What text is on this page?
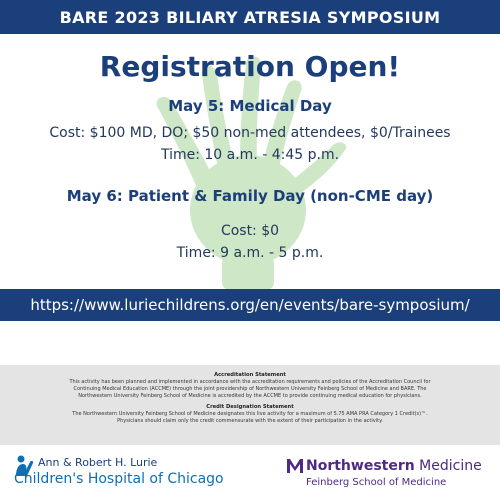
BARE 2023 BILIARY ATRESIA SYMPOSIUM
Registration Open!
May 5: Medical Day
Cost: $100 MD, DO; $50 non-med attendees, $0/Trainees
Time: 10 a.m. - 4:45 p.m.
May 6: Patient & Family Day (non-CME day)
Cost: $0
Time: 9 a.m. - 5 p.m.
https://www.luriechildrens.org/en/events/bare-symposium/
Accreditation Statement
This activity has been planned and implemented in accordance with the accreditation requirements and policies of the Accreditation Council for
Continuing Medical Education (ACCME) through the joint providership of Northwestern University Feinberg School of Medicine and BARE. The
Northwestern University Feinberg School of Medicine is accredited by the ACCME to provide continuing medical education for physicians.
Credit Designation Statement
The Northwestern University Feinberg School of Medicine designates this live activity for a maximum of 5.75 AMA PRA Category 1 Credit(s)™.
Physicians should claim only the credit commensurate with the extent of their participation in the activity.
Ann & Robert H. Lurie
Children's Hospital of Chicago
Northwestern Medicine
Feinberg School of Medicine
